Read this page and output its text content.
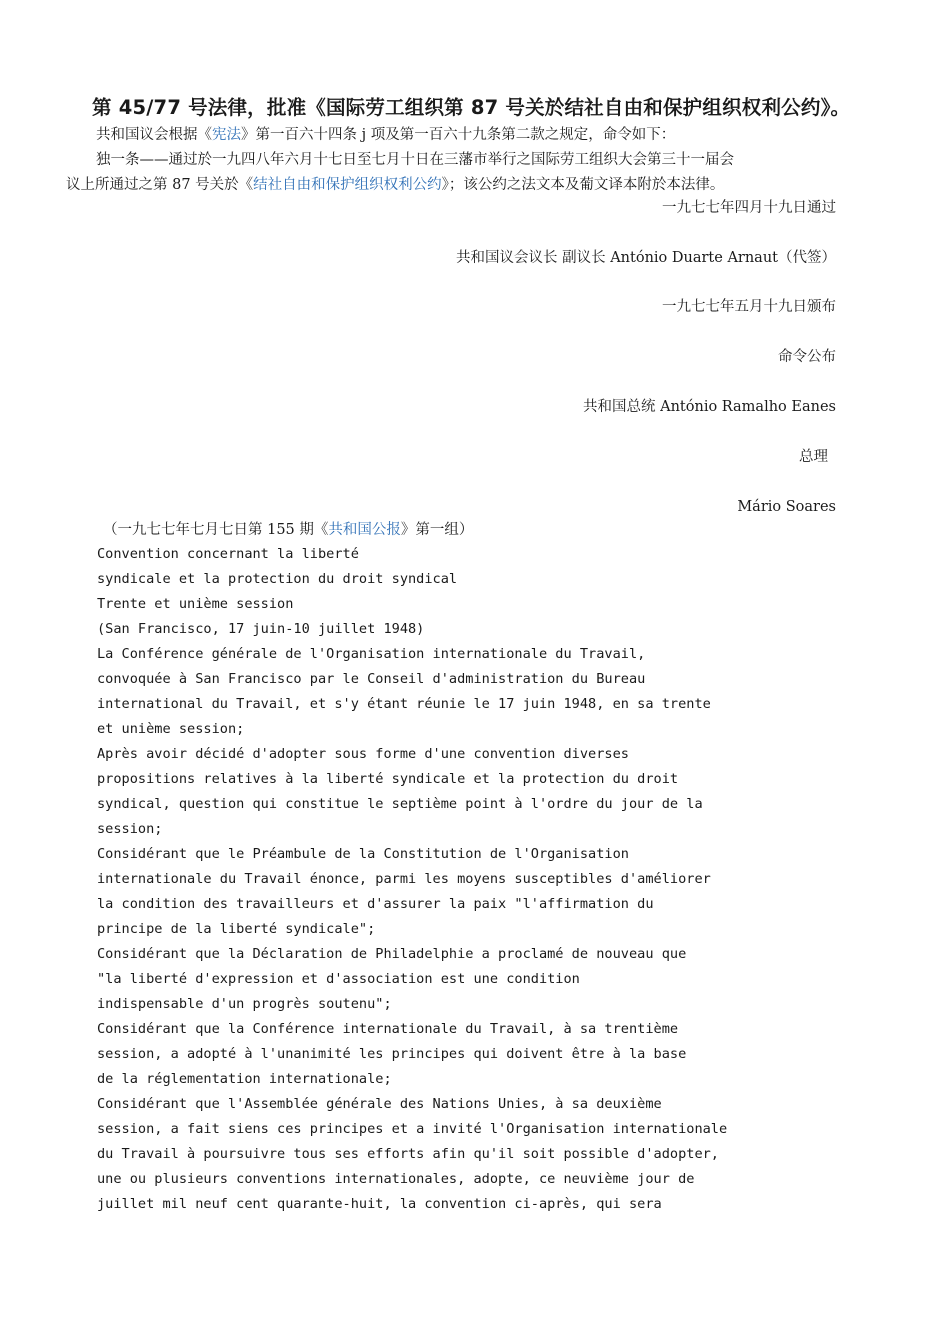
第 45/77 号法律，批准《国际劳工组织第 87 号关於结社自由和保护组织权利公约》。
共和国议会根据《宪法》第一百六十四条 j 项及第一百六十九条第二款之规定，命令如下：
独一条——通过於一九四八年六月十七日至七月十日在三藩市举行之国际劳工组织大会第三十一届会
议上所通过之第 87 号关於《结社自由和保护组织权利公约》；该公约之法文本及葡文译本附於本法律。
一九七七年四月十九日通过
共和国议会议长 副议长 António Duarte Arnaut（代签）
一九七七年五月十九日颁布
命令公布
共和国总统 António Ramalho Eanes
总理
Mário Soares
（一九七七年七月七日第 155 期《共和国公报》第一组）
Convention concernant la liberté
syndicale et la protection du droit syndical
Trente et unième session
(San Francisco, 17 juin-10 juillet 1948)
La Conférence générale de l'Organisation internationale du Travail,
convoquée à San Francisco par le Conseil d'administration du Bureau
international du Travail, et s'y étant réunie le 17 juin 1948, en sa trente
et unième session;
Après avoir décidé d'adopter sous forme d'une convention diverses
propositions relatives à la liberté syndicale et la protection du droit
syndical, question qui constitue le septième point à l'ordre du jour de la
session;
Considérant que le Préambule de la Constitution de l'Organisation
internationale du Travail énonce, parmi les moyens susceptibles d'améliorer
la condition des travailleurs et d'assurer la paix "l'affirmation du
principe de la liberté syndicale";
Considérant que la Déclaration de Philadelphie a proclamé de nouveau que
"la liberté d'expression et d'association est une condition
indispensable d'un progrès soutenu";
Considérant que la Conférence internationale du Travail, à sa trentième
session, a adopté à l'unanimité les principes qui doivent être à la base
de la réglementation internationale;
Considérant que l'Assemblée générale des Nations Unies, à sa deuxième
session, a fait siens ces principes et a invité l'Organisation internationale
du Travail à poursuivre tous ses efforts afin qu'il soit possible d'adopter,
une ou plusieurs conventions internationales, adopte, ce neuvième jour de
juillet mil neuf cent quarante-huit, la convention ci-après, qui sera
